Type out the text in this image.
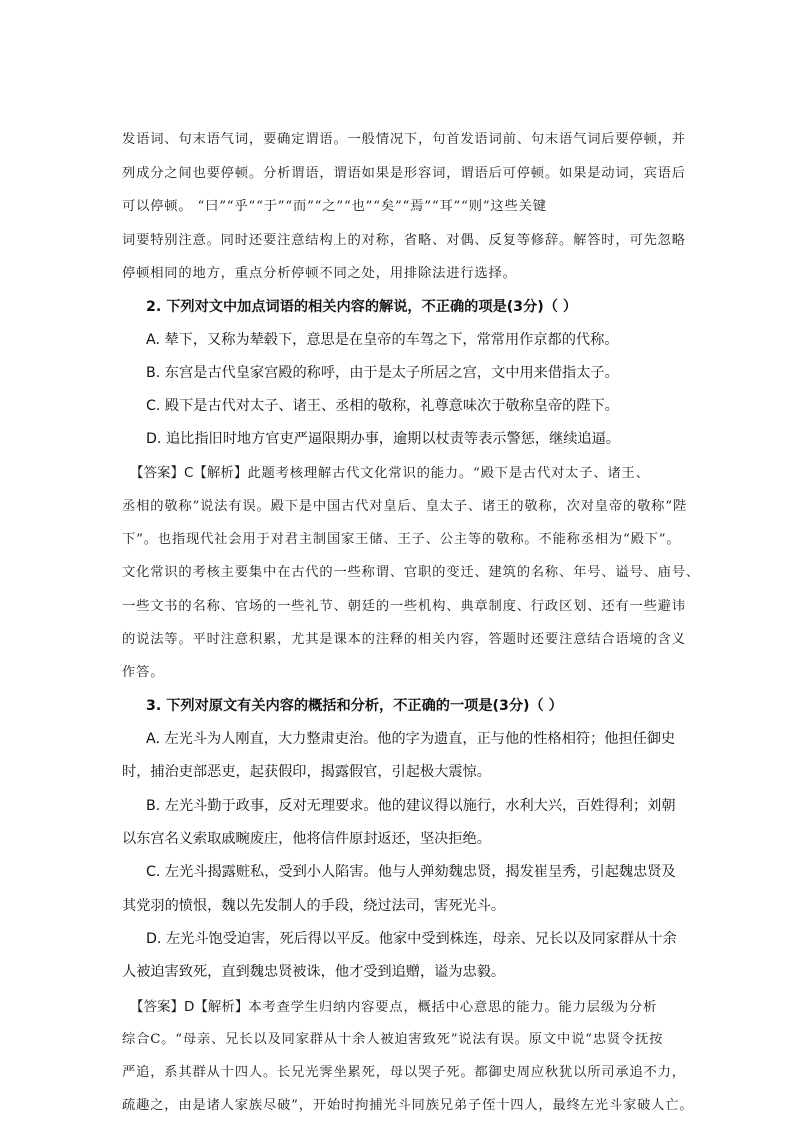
发语词、句末语气词，要确定谓语。一般情况下，句首发语词前、句末语气词后要停顿，并
列成分之间也要停顿。分析谓语，谓语如果是形容词，谓语后可停顿。如果是动词，宾语后
可以停顿。 “曰”“乎”“于”“而”“之”“也”“矣”“焉”“耳”“则”这些关键
词要特别注意。同时还要注意结构上的对称，省略、对偶、反复等修辞。解答时，可先忽略
停顿相同的地方，重点分析停顿不同之处，用排除法进行选择。
2. 下列对文中加点词语的相关内容的解说，不正确的项是(3分)（ ）
A. 辇下，又称为辇毂下，意思是在皇帝的车驾之下，常常用作京都的代称。
B. 东宫是古代皇家宫殿的称呼，由于是太子所居之宫，文中用来借指太子。
C. 殿下是古代对太子、诸王、丞相的敬称，礼尊意味次于敬称皇帝的陛下。
D. 追比指旧时地方官吏严逼限期办事，逾期以杖责等表示警惩，继续追逼。
【答案】C【解析】此题考核理解古代文化常识的能力。“殿下是古代对太子、诸王、
丞相的敬称”说法有误。殿下是中国古代对皇后、皇太子、诸王的敬称，次对皇帝的敬称“陛
下”。也指现代社会用于对君主制国家王储、王子、公主等的敬称。不能称丞相为“殿下”。
文化常识的考核主要集中在古代的一些称谓、官职的变迁、建筑的名称、年号、谥号、庙号、
一些文书的名称、官场的一些礼节、朝廷的一些机构、典章制度、行政区划、还有一些避讳
的说法等。平时注意积累，尤其是课本的注释的相关内容，答题时还要注意结合语境的含义
作答。
3. 下列对原文有关内容的概括和分析，不正确的一项是(3分)（ ）
A. 左光斗为人刚直，大力整肃吏治。他的字为遗直，正与他的性格相符；他担任御史
时，捕治吏部恶吏，起获假印，揭露假官，引起极大震惊。
B. 左光斗勤于政事，反对无理要求。他的建议得以施行，水利大兴，百姓得利；刘朝
以东宫名义索取戚畹废庄，他将信件原封返还，坚决拒绝。
C. 左光斗揭露赃私，受到小人陷害。他与人弹劾魏忠贤，揭发崔呈秀，引起魏忠贤及
其党羽的愤恨，魏以先发制人的手段，绕过法司，害死光斗。
D. 左光斗饱受迫害，死后得以平反。他家中受到株连，母亲、兄长以及同家群从十余
人被迫害致死，直到魏忠贤被诛，他才受到追赠，谥为忠毅。
【答案】D【解析】本考查学生归纳内容要点，概括中心意思的能力。能力层级为分析
综合C。“母亲、兄长以及同家群从十余人被迫害致死”说法有误。原文中说“忠贤令抚按
严追，系其群从十四人。长兄光霁坐累死，母以哭子死。都御史周应秋犹以所司承追不力，
疏趣之，由是诸人家族尽破”，开始时拘捕光斗同族兄弟子侄十四人，最终左光斗家破人亡。
